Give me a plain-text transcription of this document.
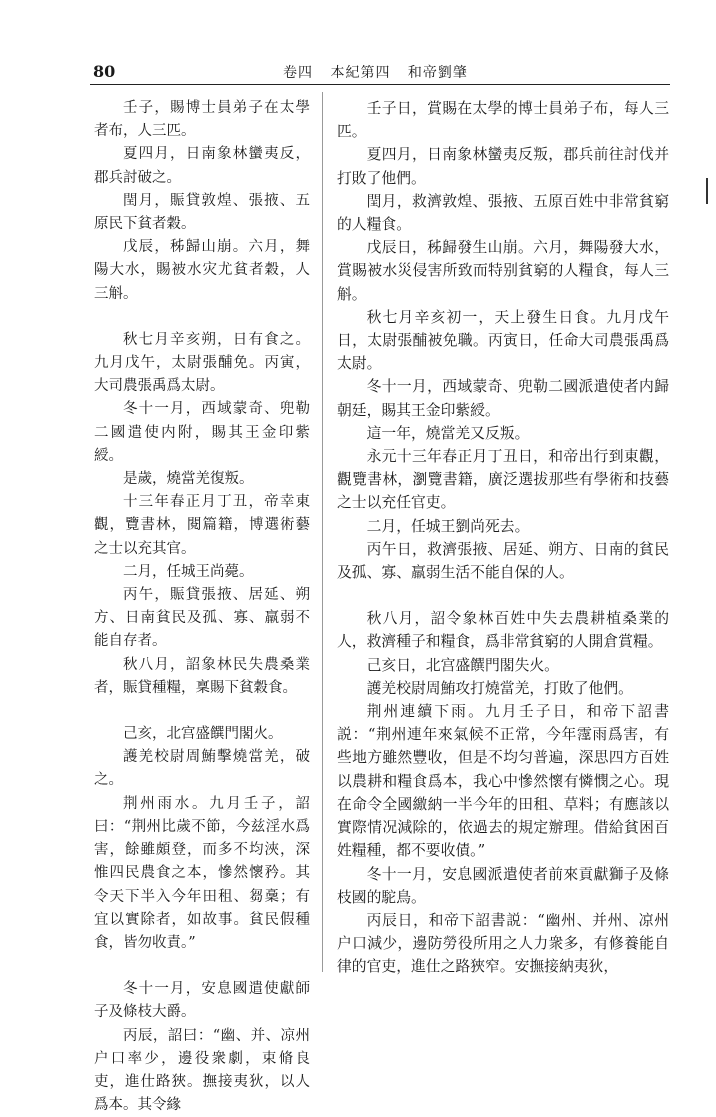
80	卷四 本紀第四 和帝劉肇

壬子，賜博士員弟子在太學者布，人三匹。

夏四月，日南象林蠻夷反，郡兵討破之。

閏月，賑貸敦煌、張掖、五原民下貧者穀。

戊辰，秭歸山崩。六月，舞陽大水，賜被水灾尤貧者穀，人三斛。

秋七月辛亥朔，日有食之。九月戊午，太尉張酺免。丙寅，大司農張禹爲太尉。

冬十一月，西域蒙奇、兜勒二國遣使内附，賜其王金印紫綬。

是歲，燒當羌復叛。

十三年春正月丁丑，帝幸東觀，覽書林，閱篇籍，博選術藝之士以充其官。

二月，任城王尚薨。

丙午，賑貸張掖、居延、朔方、日南貧民及孤、寡、羸弱不能自存者。

秋八月，詔象林民失農桑業者，賑貸種糧，稟賜下貧穀食。

己亥，北宫盛饌門閣火。

護羌校尉周鮪擊燒當羌，破之。

荆州雨水。九月壬子，詔曰：“荆州比歲不節，今兹淫水爲害，餘雖頗登，而多不均浹，深惟四民農食之本，慘然懷矜。其令天下半入今年田租、芻稾；有宜以實除者，如故事。貧民假種食，皆勿收責。”

冬十一月，安息國遣使獻師子及條枝大爵。

丙辰，詔曰：“幽、并、凉州户口率少，邊役衆劇，束脩良吏，進仕路狹。撫接夷狄，以人爲本。其令緣

壬子日，賞賜在太學的博士員弟子布，每人三匹。

夏四月，日南象林蠻夷反叛，郡兵前往討伐并打敗了他們。

閏月，救濟敦煌、張掖、五原百姓中非常貧窮的人糧食。

戊辰日，秭歸發生山崩。六月，舞陽發大水，賞賜被水災侵害所致而特别貧窮的人糧食，每人三斛。

秋七月辛亥初一，天上發生日食。九月戊午日，太尉張酺被免職。丙寅日，任命大司農張禹爲太尉。

冬十一月，西域蒙奇、兜勒二國派遣使者内歸朝廷，賜其王金印紫綬。

這一年，燒當羌又反叛。

永元十三年春正月丁丑日，和帝出行到東觀，觀覽書林，瀏覽書籍，廣泛選拔那些有學術和技藝之士以充任官吏。

二月，任城王劉尚死去。

丙午日，救濟張掖、居延、朔方、日南的貧民及孤、寡、羸弱生活不能自保的人。

秋八月，詔令象林百姓中失去農耕植桑業的人，救濟種子和糧食，爲非常貧窮的人開倉賞糧。

己亥日，北宫盛饌門閣失火。

護羌校尉周鮪攻打燒當羌，打敗了他們。

荆州連續下雨。九月壬子日，和帝下詔書説：“荆州連年來氣候不正常，今年霪雨爲害，有些地方雖然豐收，但是不均匀普遍，深思四方百姓以農耕和糧食爲本，我心中慘然懷有憐憫之心。現在命令全國繳納一半今年的田租、草料；有應該以實際情况減除的，依過去的規定辦理。借給貧困百姓糧種，都不要收債。”

冬十一月，安息國派遣使者前來貢獻獅子及條枝國的駝鳥。

丙辰日，和帝下詔書説：“幽州、并州、凉州户口減少，邊防勞役所用之人力衆多，有修養能自律的官吏，進仕之路狹窄。安撫接納夷狄，
